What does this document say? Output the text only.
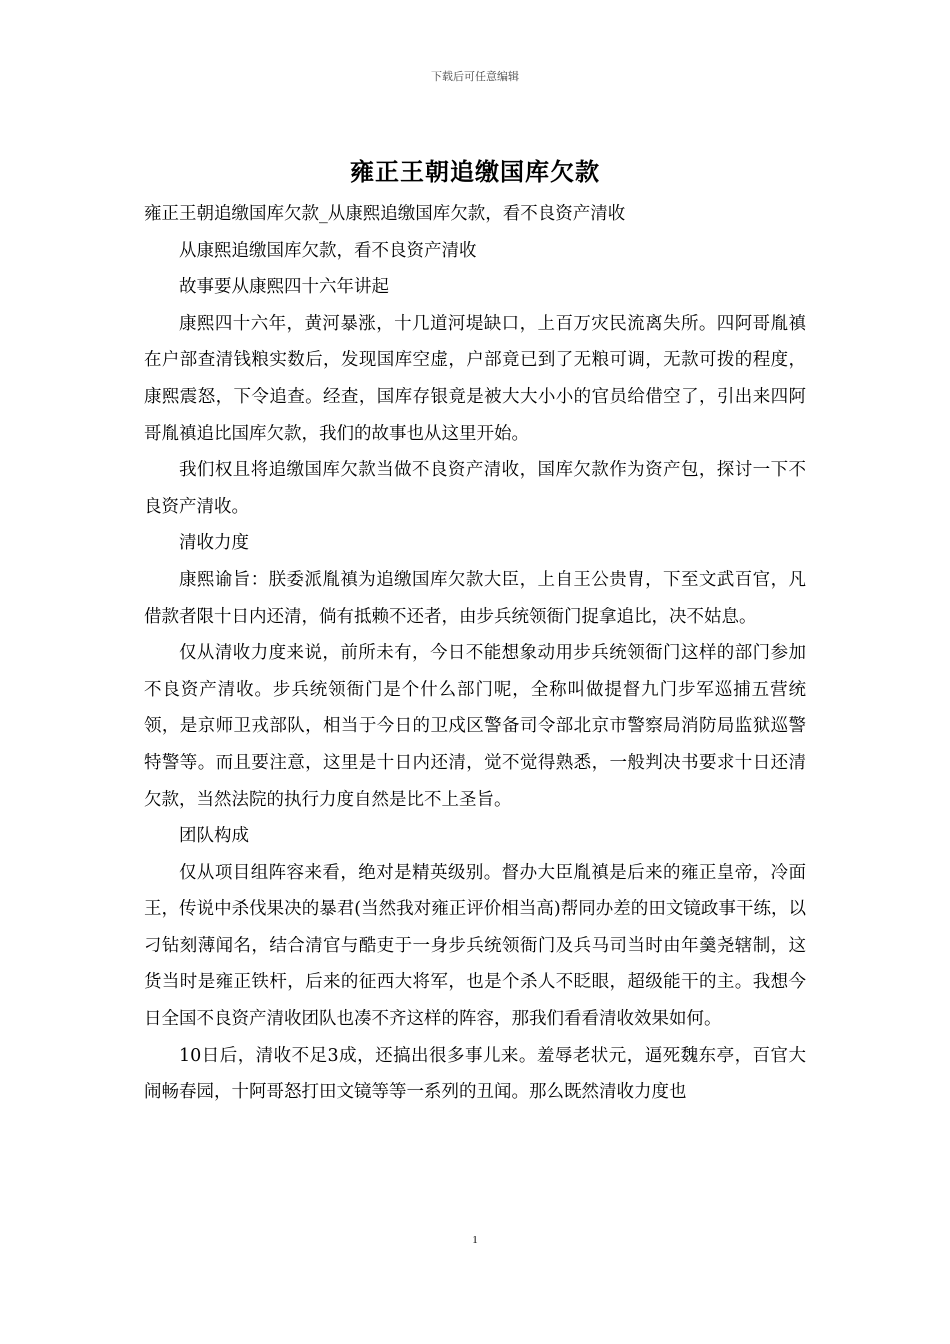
下载后可任意编辑
雍正王朝追缴国库欠款

雍正王朝追缴国库欠款_从康熙追缴国库欠款，看不良资产清收

从康熙追缴国库欠款，看不良资产清收

故事要从康熙四十六年讲起

康熙四十六年，黄河暴涨，十几道河堤缺口，上百万灾民流离失所。四阿哥胤禛在户部查清钱粮实数后，发现国库空虚，户部竟已到了无粮可调，无款可拨的程度，康熙震怒，下令追查。经查，国库存银竟是被大大小小的官员给借空了，引出来四阿哥胤禛追比国库欠款，我们的故事也从这里开始。

我们权且将追缴国库欠款当做不良资产清收，国库欠款作为资产包，探讨一下不良资产清收。

清收力度

康熙谕旨：朕委派胤禛为追缴国库欠款大臣，上自王公贵胄，下至文武百官，凡借款者限十日内还清，倘有抵赖不还者，由步兵统领衙门捉拿追比，决不姑息。

仅从清收力度来说，前所未有，今日不能想象动用步兵统领衙门这样的部门参加不良资产清收。步兵统领衙门是个什么部门呢，全称叫做提督九门步军巡捕五营统领，是京师卫戎部队，相当于今日的卫戍区警备司令部北京市警察局消防局监狱巡警特警等。而且要注意，这里是十日内还清，觉不觉得熟悉，一般判决书要求十日还清欠款，当然法院的执行力度自然是比不上圣旨。

团队构成

仅从项目组阵容来看，绝对是精英级别。督办大臣胤禛是后来的雍正皇帝，冷面王，传说中杀伐果决的暴君(当然我对雍正评价相当高)帮同办差的田文镜政事干练，以刁钻刻薄闻名，结合清官与酷吏于一身步兵统领衙门及兵马司当时由年羹尧辖制，这货当时是雍正铁杆，后来的征西大将军，也是个杀人不眨眼，超级能干的主。我想今日全国不良资产清收团队也凑不齐这样的阵容，那我们看看清收效果如何。

10日后，清收不足3成，还搞出很多事儿来。羞辱老状元，逼死魏东亭，百官大闹畅春园，十阿哥怒打田文镜等等一系列的丑闻。那么既然清收力度也

1
